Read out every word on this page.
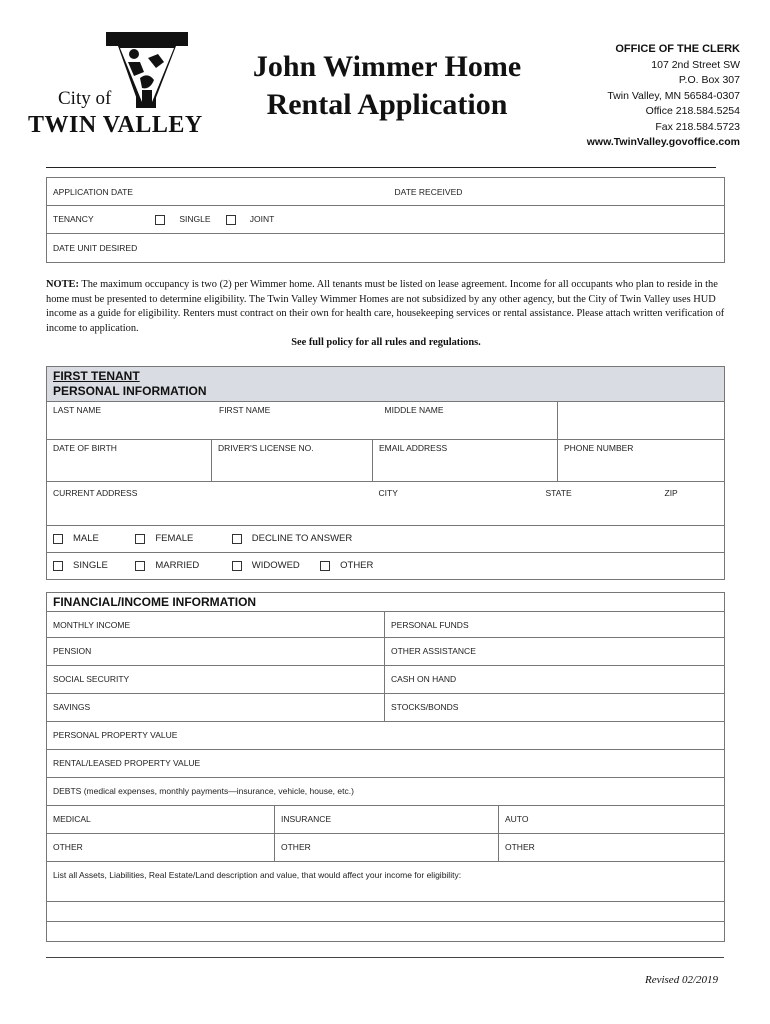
City of
TWIN VALLEY
John Wimmer Home
Rental Application
OFFICE OF THE CLERK
107 2nd Street SW
P.O. Box 307
Twin Valley, MN 56584-0307
Office 218.584.5254
Fax 218.584.5723
www.TwinValley.govoffice.com
APPLICATION DATE	DATE RECEIVED
TENANCY	SINGLE	JOINT
DATE UNIT DESIRED
NOTE: The maximum occupancy is two (2) per Wimmer home. All tenants must be listed on lease agreement. Income for all occupants who plan to reside in the home must be presented to determine eligibility. The Twin Valley Wimmer Homes are not subsidized by any other agency, but the City of Twin Valley uses HUD income as a guide for eligibility. Renters must contract on their own for health care, housekeeping services or rental assistance. Please attach written verification of income to application.
See full policy for all rules and regulations.
FIRST TENANT
PERSONAL INFORMATION					
LAST NAME FIRST NAME		MIDDLE NAME			
DATE OF BIRTH	DRIVER'S LICENSE NO.		EMAIL ADDRESS	PHONE NUMBER	
CURRENT ADDRESS			CITY	STATE	ZIP
MALE FEMALE DECLINE TO ANSWER					
SINGLE MARRIED WIDOWED OTHER					
FINANCIAL/INCOME INFORMATION			
MONTHLY INCOME		PERSONAL FUNDS	
PENSION		OTHER ASSISTANCE	
SOCIAL SECURITY		CASH ON HAND	
SAVINGS		STOCKS/BONDS	
PERSONAL PROPERTY VALUE			
RENTAL/LEASED PROPERTY VALUE			
DEBTS (medical expenses, monthly payments—insurance, vehicle, house, etc.)			
MEDICAL	INSURANCE		AUTO
OTHER	OTHER		OTHER
List all Assets, Liabilities, Real Estate/Land description and value, that would affect your income for eligibility:			

Revised 02/2019
